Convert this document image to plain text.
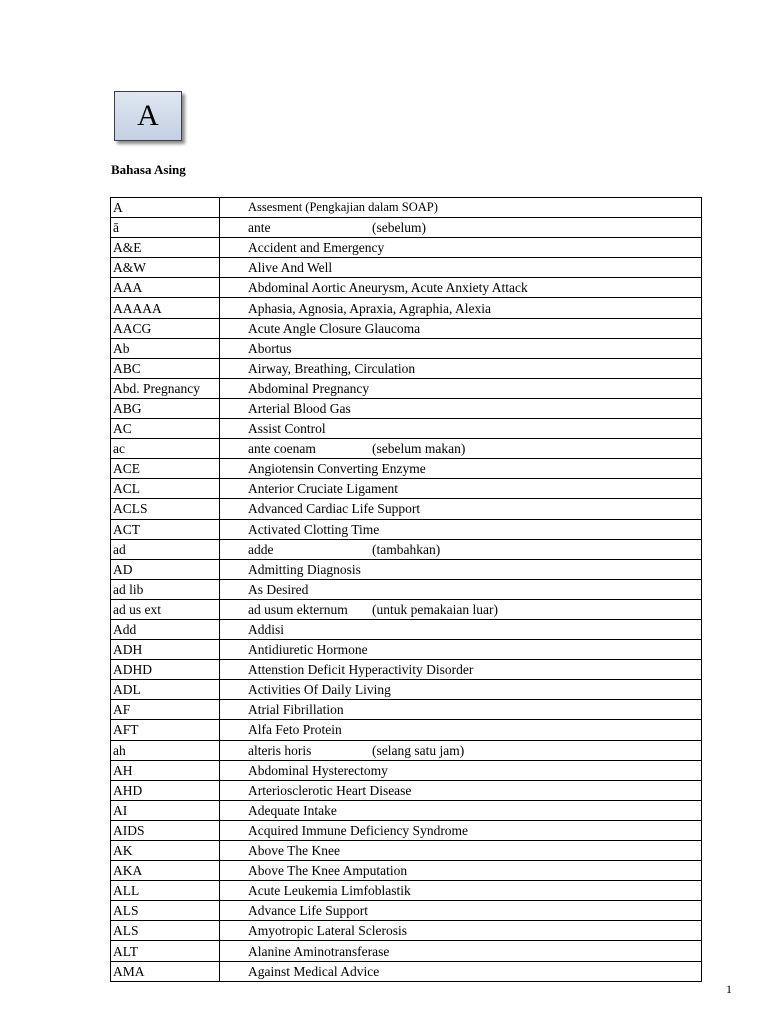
A
Bahasa Asing
A	Assesment (Pengkajian dalam SOAP)
ā	ante (sebelum)
A&E	Accident and Emergency
A&W	Alive And Well
AAA	Abdominal Aortic Aneurysm, Acute Anxiety Attack
AAAAA	Aphasia, Agnosia, Apraxia, Agraphia, Alexia
AACG	Acute Angle Closure Glaucoma
Ab	Abortus
ABC	Airway, Breathing, Circulation
Abd. Pregnancy	Abdominal Pregnancy
ABG	Arterial Blood Gas
AC	Assist Control
ac	ante coenam (sebelum makan)
ACE	Angiotensin Converting Enzyme
ACL	Anterior Cruciate Ligament
ACLS	Advanced Cardiac Life Support
ACT	Activated Clotting Time
ad	adde (tambahkan)
AD	Admitting Diagnosis
ad lib	As Desired
ad us ext	ad usum ekternum (untuk pemakaian luar)
Add	Addisi
ADH	Antidiuretic Hormone
ADHD	Attenstion Deficit Hyperactivity Disorder
ADL	Activities Of Daily Living
AF	Atrial Fibrillation
AFT	Alfa Feto Protein
ah	alteris horis (selang satu jam)
AH	Abdominal Hysterectomy
AHD	Arteriosclerotic Heart Disease
AI	Adequate Intake
AIDS	Acquired Immune Deficiency Syndrome
AK	Above The Knee
AKA	Above The Knee Amputation
ALL	Acute Leukemia Limfoblastik
ALS	Advance Life Support
ALS	Amyotropic Lateral Sclerosis
ALT	Alanine Aminotransferase
AMA	Against Medical Advice
1
